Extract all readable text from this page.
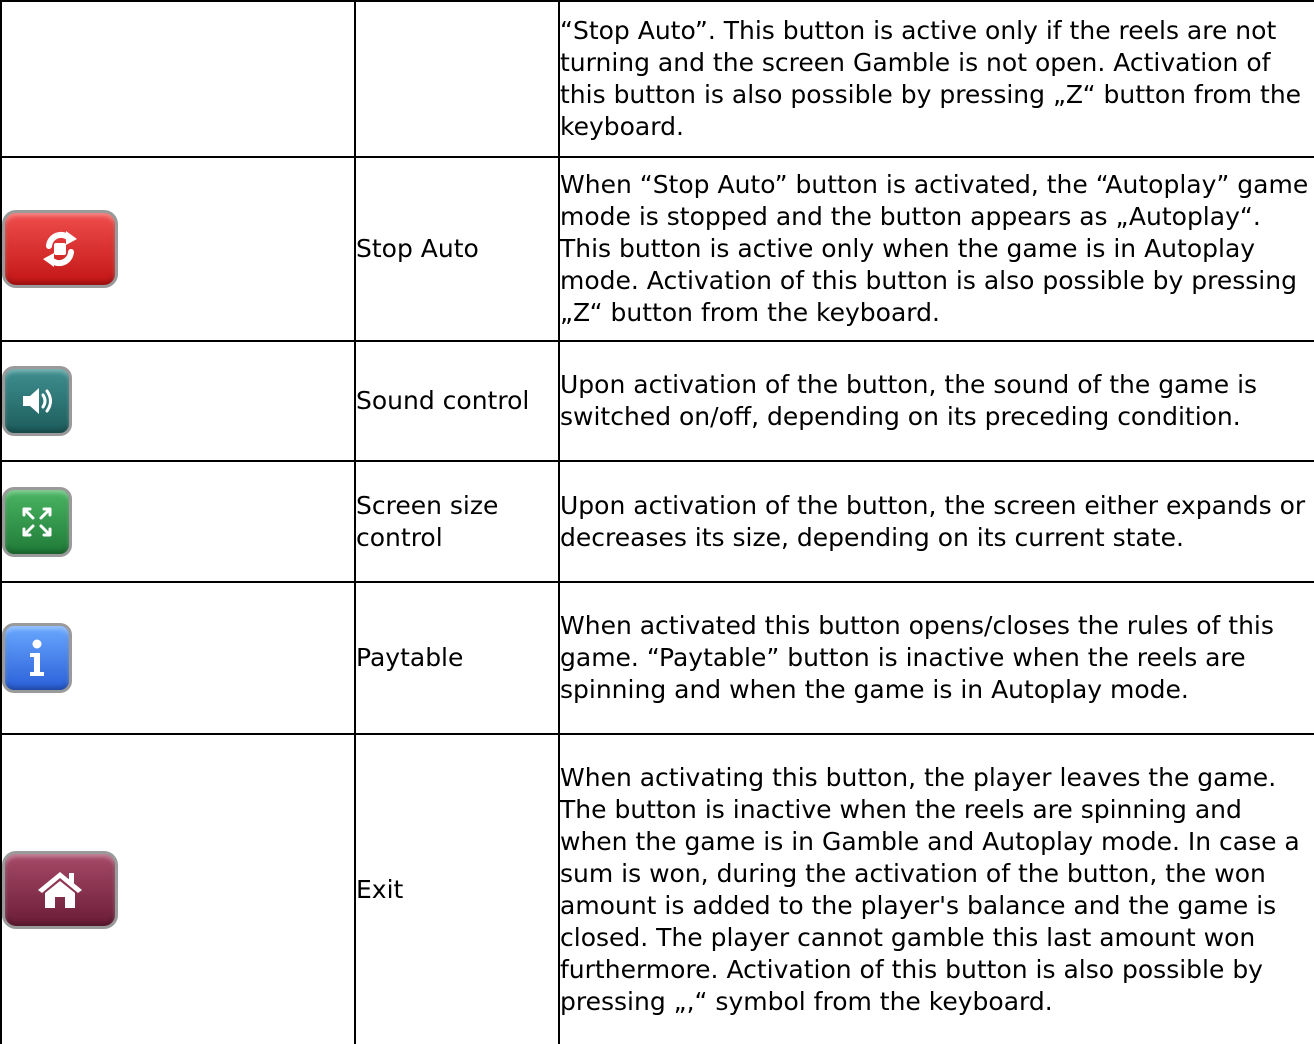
		“Stop Auto”. This button is active only if the reels are not turning and the screen Gamble is not open. Activation of this button is also possible by pressing „Z“ button from the keyboard.

	Stop Auto	When “Stop Auto” button is activated, the “Autoplay” game mode is stopped and the button appears as „Autoplay“. This button is active only when the game is in Autoplay mode. Activation of this button is also possible by pressing „Z“ button from the keyboard.

	Sound control	Upon activation of the button, the sound of the game is switched on/off, depending on its preceding condition.

	Screen size control	Upon activation of the button, the screen either expands or decreases its size, depending on its current state.

	Paytable	When activated this button opens/closes the rules of this game. “Paytable” button is inactive when the reels are spinning and when the game is in Autoplay mode.

	Exit	When activating this button, the player leaves the game. The button is inactive when the reels are spinning and when the game is in Gamble and Autoplay mode. In case a sum is won, during the activation of the button, the won amount is added to the player's balance and the game is closed. The player cannot gamble this last amount won furthermore. Activation of this button is also possible by pressing „,“ symbol from the keyboard.
